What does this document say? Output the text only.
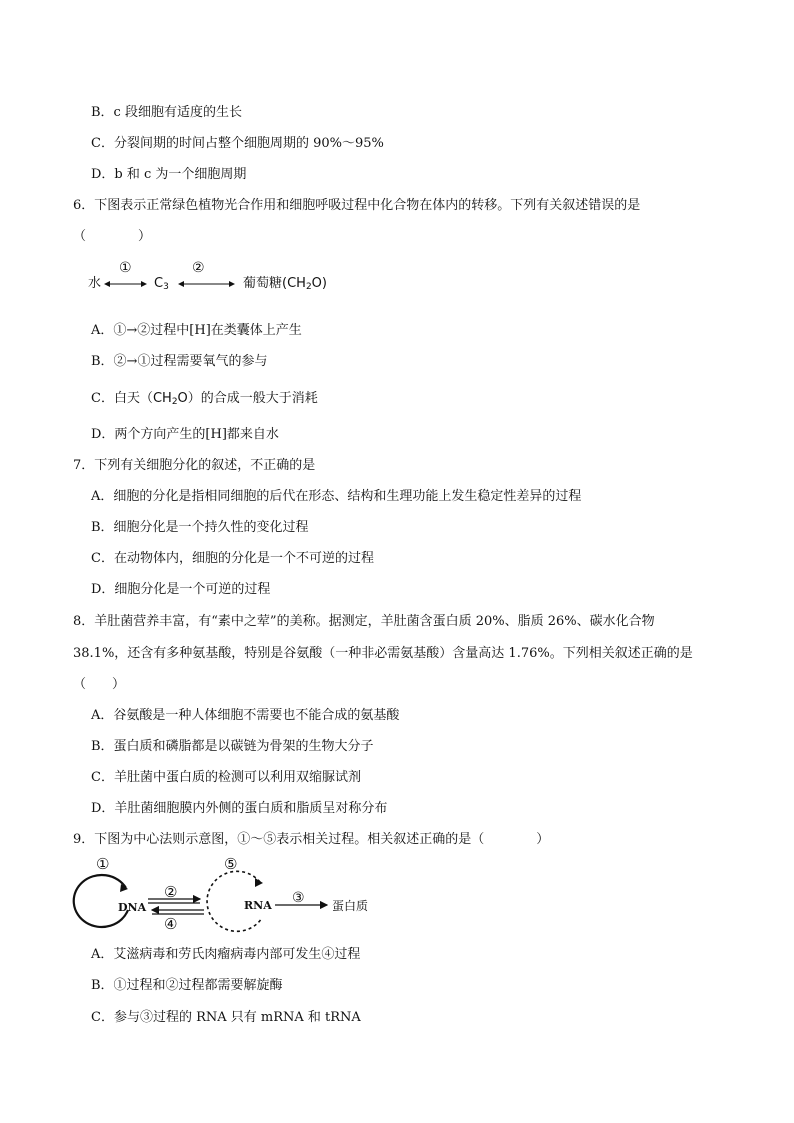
B．c 段细胞有适度的生长
C．分裂间期的时间占整个细胞周期的 90%～95%
D．b 和 c 为一个细胞周期
6．下图表示正常绿色植物光合作用和细胞呼吸过程中化合物在体内的转移。下列有关叙述错误的是
（　　　　）
水
①
$C_3$
②
葡萄糖$(CH_2O)$
A．①→②过程中[H]在类囊体上产生
B．②→①过程需要氧气的参与
C．白天$(CH_2O)$的合成一般大于消耗
D．两个方向产生的[H]都来自水
7．下列有关细胞分化的叙述，不正确的是
A．细胞的分化是指相同细胞的后代在形态、结构和生理功能上发生稳定性差异的过程
B．细胞分化是一个持久性的变化过程
C．在动物体内，细胞的分化是一个不可逆的过程
D．细胞分化是一个可逆的过程
8．羊肚菌营养丰富，有“素中之荤”的美称。据测定，羊肚菌含蛋白质 20%、脂质 26%、碳水化合物
38.1%，还含有多种氨基酸，特别是谷氨酸（一种非必需氨基酸）含量高达 1.76%。下列相关叙述正确的是
（　　）
A．谷氨酸是一种人体细胞不需要也不能合成的氨基酸
B．蛋白质和磷脂都是以碳链为骨架的生物大分子
C．羊肚菌中蛋白质的检测可以利用双缩脲试剂
D．羊肚菌细胞膜内外侧的蛋白质和脂质呈对称分布
9．下图为中心法则示意图，①～⑤表示相关过程。相关叙述正确的是（　　　　）
①
②
④
⑤
③
DNA	RNA	蛋白质
A．艾滋病毒和劳氏肉瘤病毒内部可发生④过程
B．①过程和②过程都需要解旋酶
C．参与③过程的 RNA 只有 mRNA 和 tRNA
